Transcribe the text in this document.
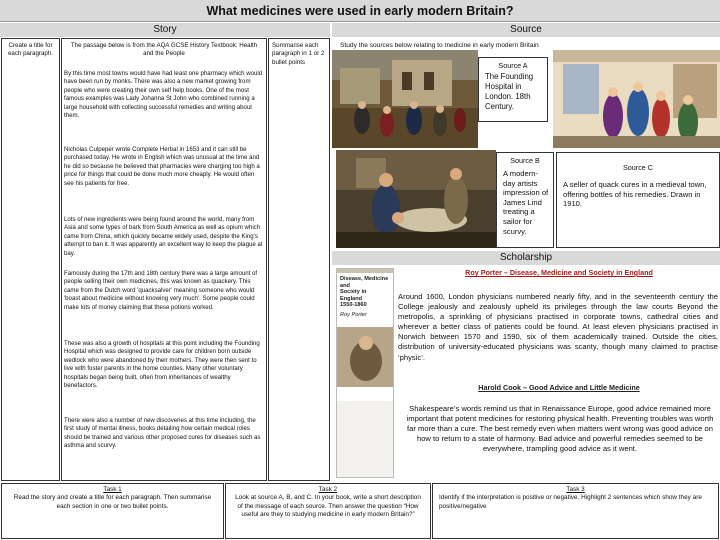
What medicines were used in early modern Britain?
Story	Source
Create a title for each paragraph.
The passage below is from the AQA GCSE History Textbook: Health and the People
Summarise each paragraph in 1 or 2 bullet points
By this time most towns would have had least one pharmacy which would have been run by monks. There was also a new market growing from people who were creating their own self help books. One of the most famous examples was Lady Johanna St John who combined running a large household with collecting successful remedies and writing about them.
Nicholas Culpeper wrote Complete Herbal in 1653 and it can still be purchased today. He wrote in English which was unusual at the time and he did so because he believed that pharmacies were charging too high a price for things that could be done much more cheaply. He would often see his patients for free.
Lots of new ingredients were being found around the world, many from Asia and some types of bark from South America as well as opium which came from China, which quickly became widely used, despite the King's attempt to ban it. It was apparently an excellent way to keep the plague at bay.
Famously during the 17th and 18th century there was a large amount of people selling their own medicines, this was known as quackery. This came from the Dutch word 'quacksalver' meaning someone who would 'boast about medicine without knowing very much'. Some people could make lots of money claiming that these potions worked.
These was also a growth of hospitals at this point including the Founding Hospital which was designed to provide care for children born outside wedlock who were abandoned by their mothers. They were then sent to live with foster parents in the home counties. Many other voluntary hospitals began being built, often from inheritances of wealthy benefactors.
There were also a number of new discoveries at this time including, the first study of mental illness, books detailing how certain medical roles should be trained and various other proposed cures for diseases such as asthma and scurvy.
Study the sources below relating to medicine in early modern Britain
Source A
The Founding Hospital in London. 18th Century.
Source B
A modern-day artists impression of James Lind treating a sailor for scurvy.
Source C
A seller of quack cures in a medieval town, offering bottles of his remedies. Drawn in 1910.
Scholarship
Disease, Medicine and
Society in England
1550-1860
Roy Porter
Roy Porter – Disease, Medicine and Society in England
Around 1600, London physicians numbered nearly fifty, and in the seventeenth century the College jealously and zealously upheld its privileges through the law courts Beyond the metropolis, a sprinkling of physicians practised in corporate towns, cathedral cities and wherever a better class of patients could be found. At least eleven physicians practised in Norwich between 1570 and 1590, six of them academically trained. Outside the cities, distribution of university-educated physicians was scanty, though many claimed to practise ‘physic’.
Harold Cook – Good Advice and Little Medicine
Shakespeare’s words remind us that in Renaissance Europe, good advice remained more important that potent medicines for restoring physical health. Preventing troubles was worth far more than a cure. The best remedy even when matters went wrong was good advice on how to return to a state of harmony. Bad advice and powerful remedies seemed to be everywhere, trampling good advice as it went.
Task 1
Read the story and create a title for each paragraph. Then summarise each section in one or two bullet points.
Task 2
Look at source A, B, and C. In your book, write a short description of the message of each source. Then answer the question “How useful are they to studying medicine in early modern Britain?”
Task 3
Identify if the interpretation is positive or negative. Highlight 2 sentences which show they are positive/negative
